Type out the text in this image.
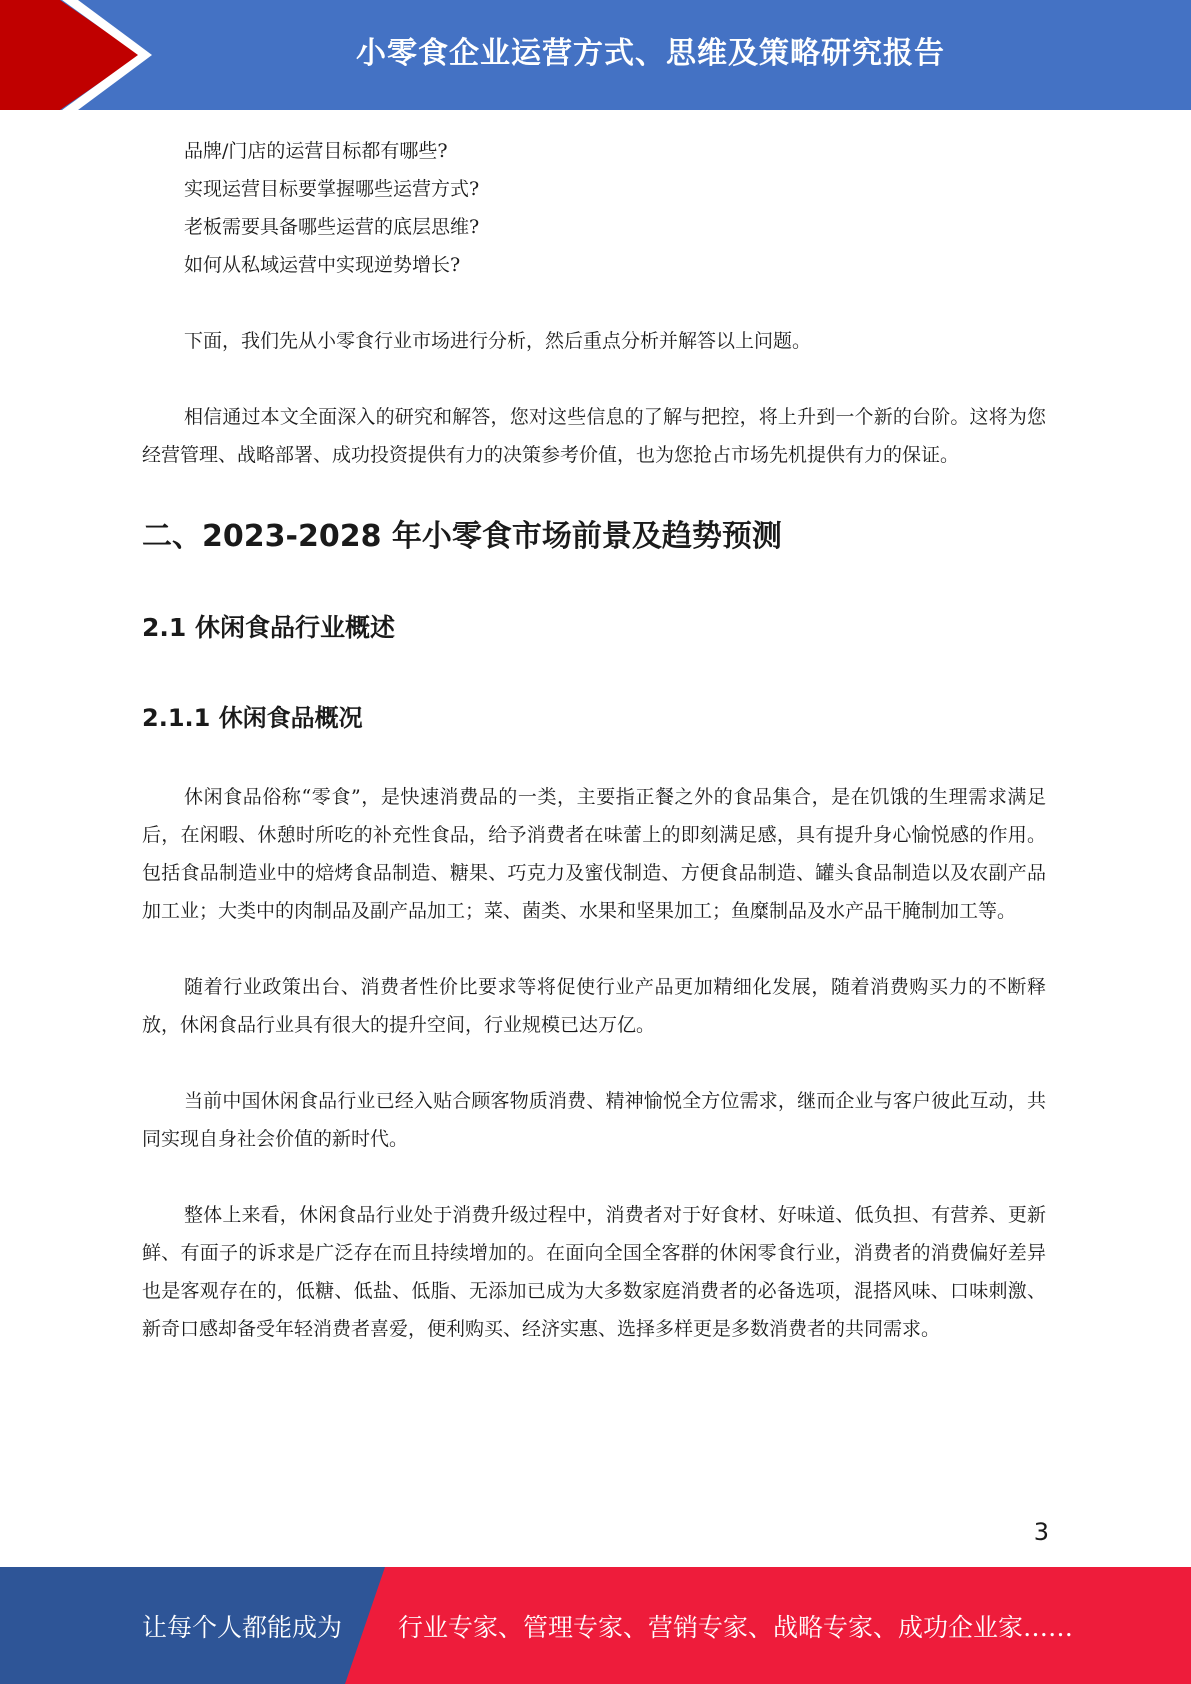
小零食企业运营方式、思维及策略研究报告
品牌/门店的运营目标都有哪些?
实现运营目标要掌握哪些运营方式?
老板需要具备哪些运营的底层思维?
如何从私域运营中实现逆势增长?

下面，我们先从小零食行业市场进行分析，然后重点分析并解答以上问题。

相信通过本文全面深入的研究和解答，您对这些信息的了解与把控，将上升到一个新的台阶。这将为您经营管理、战略部署、成功投资提供有力的决策参考价值，也为您抢占市场先机提供有力的保证。

二、2023-2028 年小零食市场前景及趋势预测
2.1 休闲食品行业概述
2.1.1 休闲食品概况

休闲食品俗称“零食”，是快速消费品的一类，主要指正餐之外的食品集合，是在饥饿的生理需求满足后，在闲暇、休憩时所吃的补充性食品，给予消费者在味蕾上的即刻满足感，具有提升身心愉悦感的作用。包括食品制造业中的焙烤食品制造、糖果、巧克力及蜜伐制造、方便食品制造、罐头食品制造以及农副产品加工业；大类中的肉制品及副产品加工；菜、菌类、水果和坚果加工；鱼糜制品及水产品干腌制加工等。

随着行业政策出台、消费者性价比要求等将促使行业产品更加精细化发展，随着消费购买力的不断释放，休闲食品行业具有很大的提升空间，行业规模已达万亿。

当前中国休闲食品行业已经入贴合顾客物质消费、精神愉悦全方位需求，继而企业与客户彼此互动，共同实现自身社会价值的新时代。

整体上来看，休闲食品行业处于消费升级过程中，消费者对于好食材、好味道、低负担、有营养、更新鲜、有面子的诉求是广泛存在而且持续增加的。在面向全国全客群的休闲零食行业，消费者的消费偏好差异也是客观存在的，低糖、低盐、低脂、无添加已成为大多数家庭消费者的必备选项，混搭风味、口味刺激、新奇口感却备受年轻消费者喜爱，便利购买、经济实惠、选择多样更是多数消费者的共同需求。

3
让每个人都能成为 行业专家、管理专家、营销专家、战略专家、成功企业家……
